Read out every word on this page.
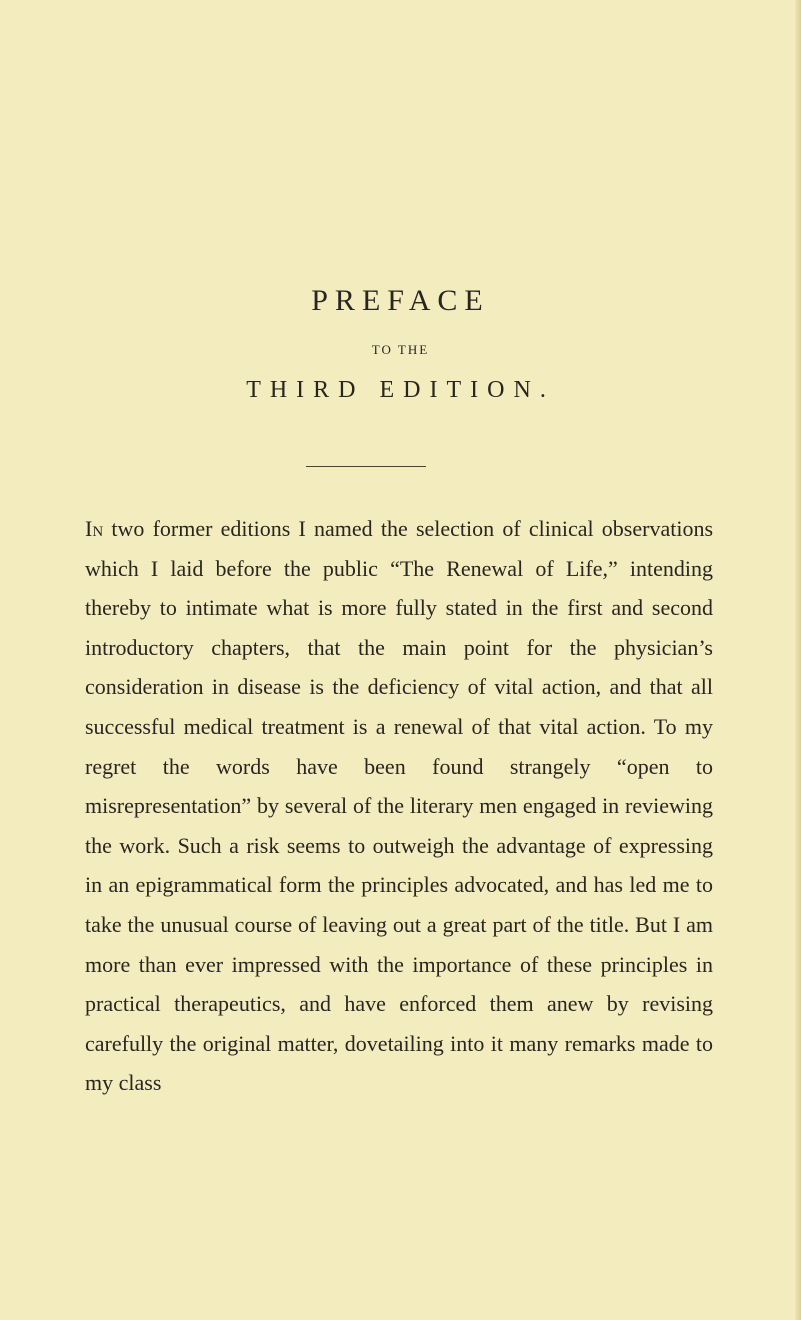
PREFACE
TO THE
THIRD EDITION.

In two former editions I named the selection of clinical observations which I laid before the public “The Renewal of Life,” intending thereby to intimate what is more fully stated in the first and second introductory chapters, that the main point for the physician’s consideration in disease is the deficiency of vital action, and that all successful medical treatment is a renewal of that vital action. To my regret the words have been found strangely “open to misrepresentation” by several of the literary men engaged in reviewing the work. Such a risk seems to outweigh the advantage of expressing in an epigrammatical form the principles advocated, and has led me to take the unusual course of leaving out a great part of the title. But I am more than ever impressed with the importance of these principles in practical therapeutics, and have enforced them anew by revising carefully the original matter, dovetailing into it many remarks made to my class
